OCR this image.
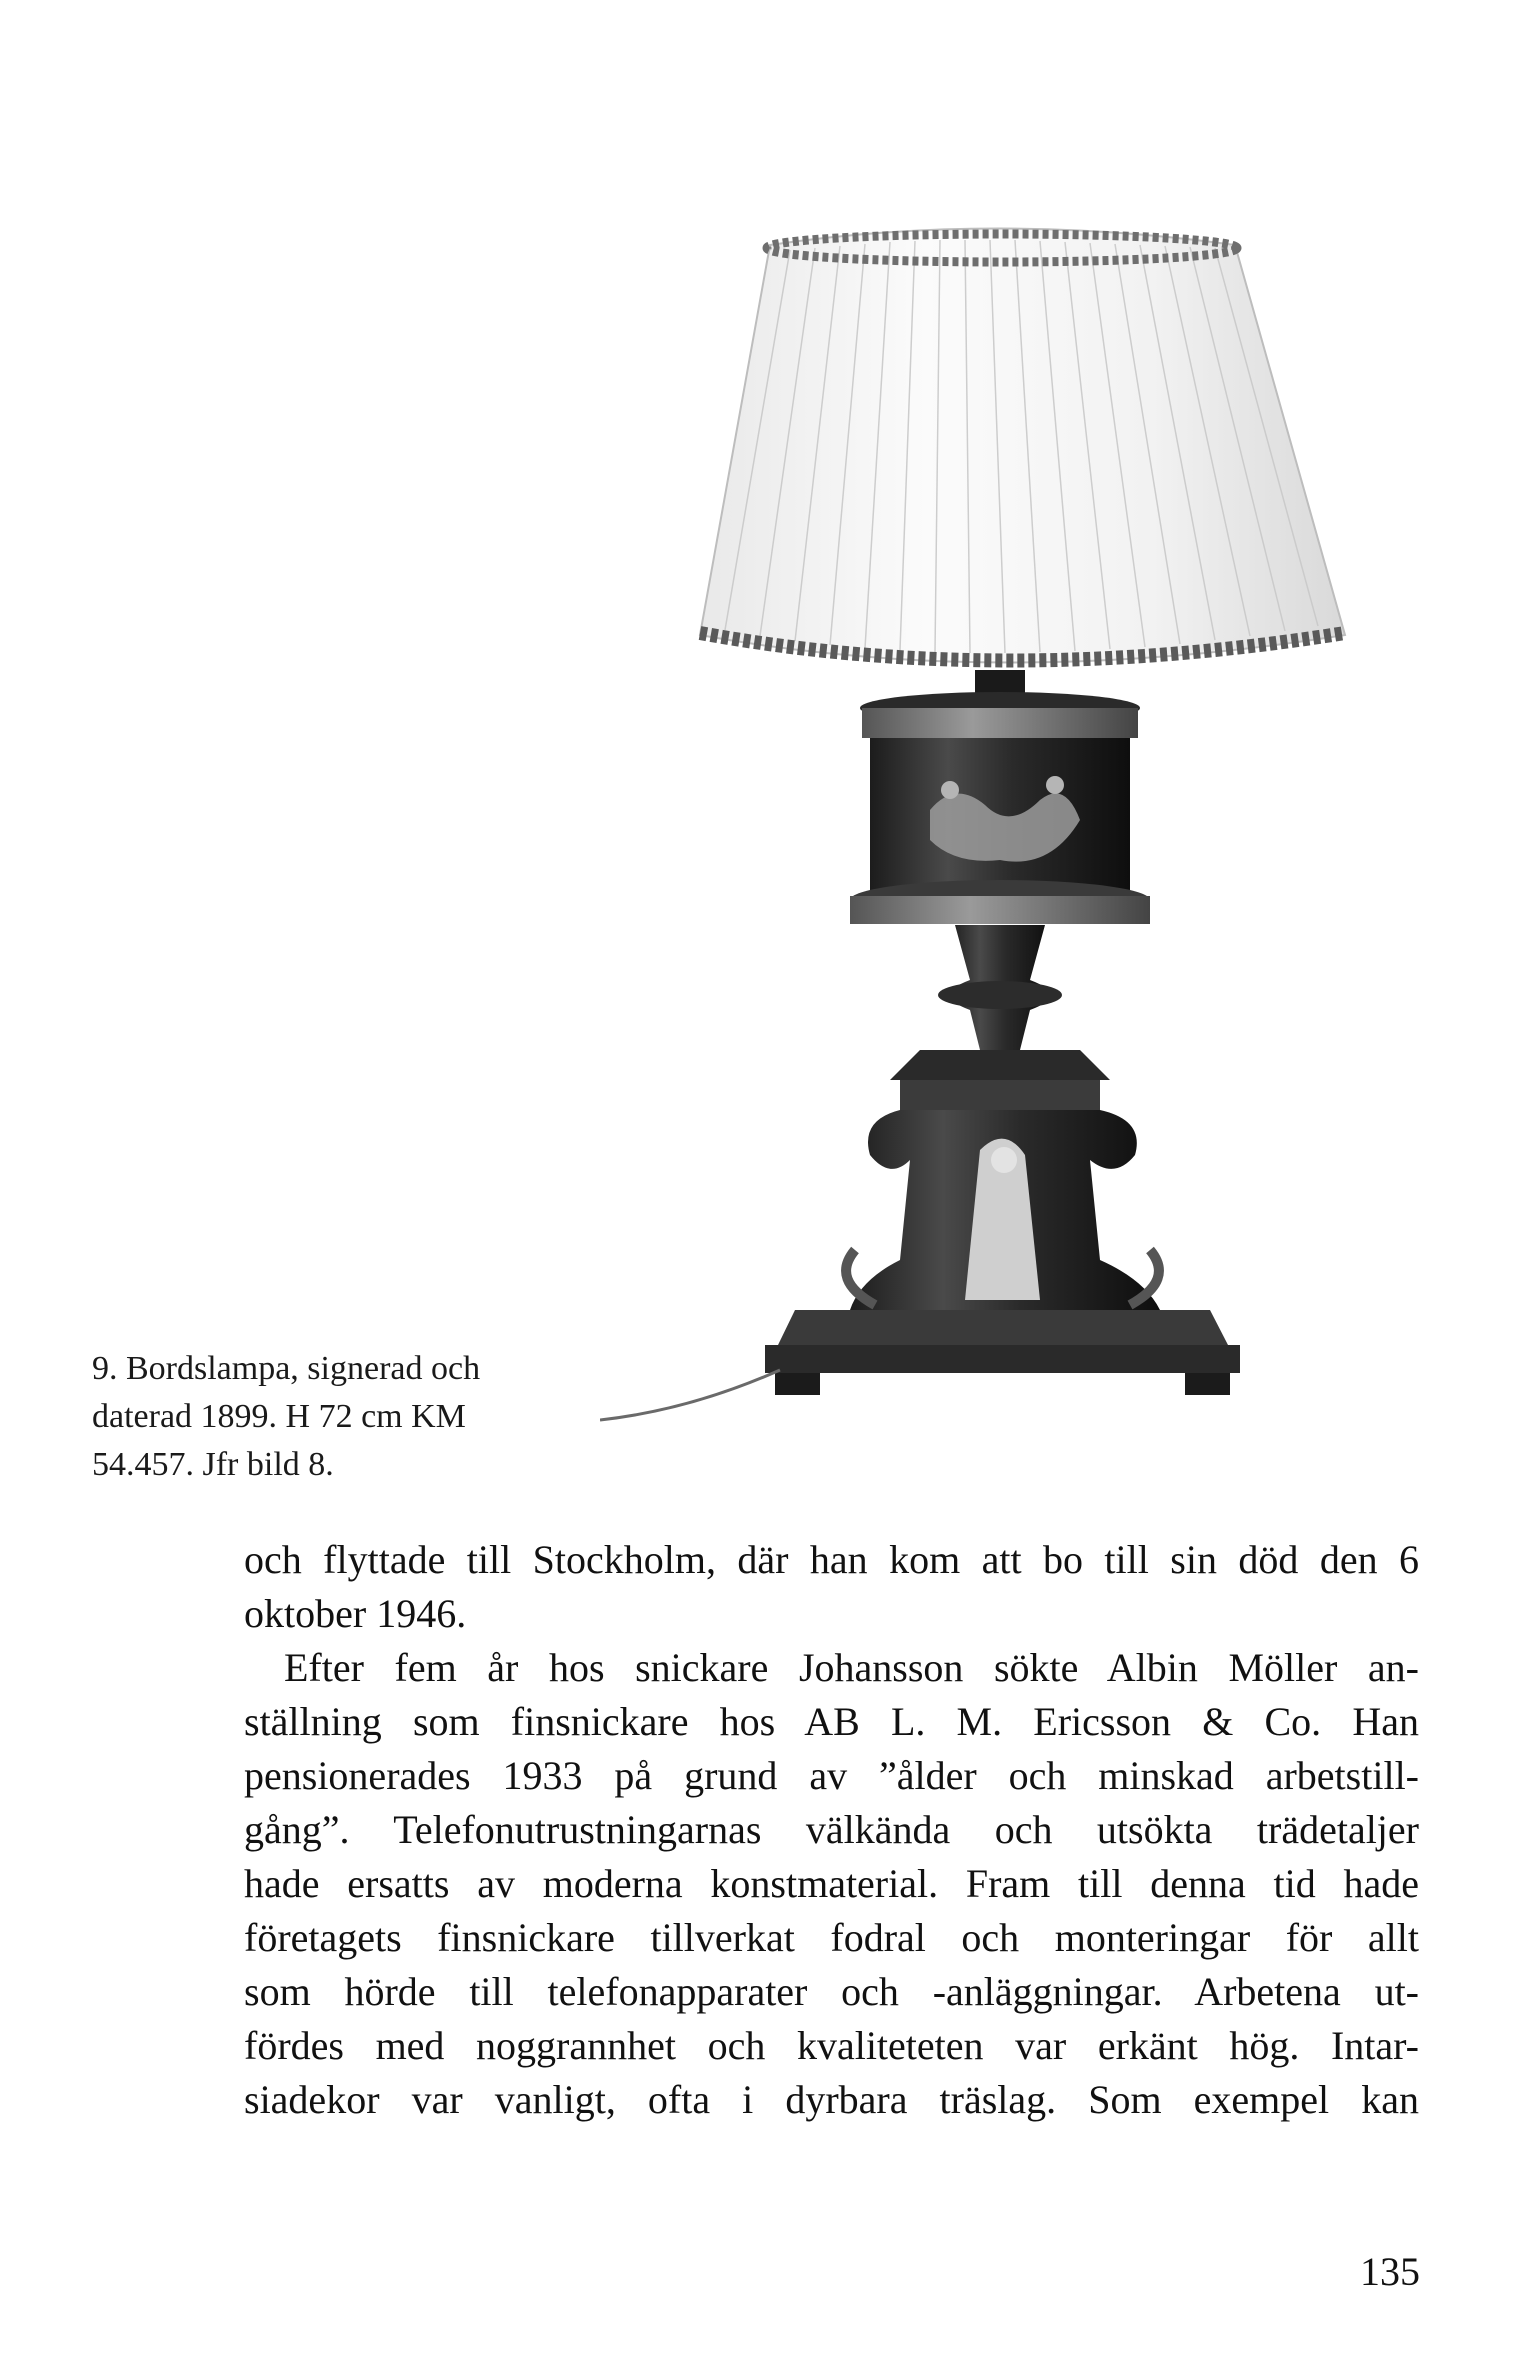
9. Bordslampa, signerad och
daterad 1899. H 72 cm KM
54.457. Jfr bild 8.
och flyttade till Stockholm, där han kom att bo till sin död den 6
oktober 1946.
Efter fem år hos snickare Johansson sökte Albin Möller an-
ställning som finsnickare hos AB L. M. Ericsson & Co. Han
pensionerades 1933 på grund av ”ålder och minskad arbetstill-
gång”. Telefonutrustningarnas välkända och utsökta trädetaljer
hade ersatts av moderna konstmaterial. Fram till denna tid hade
företagets finsnickare tillverkat fodral och monteringar för allt
som hörde till telefonapparater och -anläggningar. Arbetena ut-
fördes med noggrannhet och kvaliteteten var erkänt hög. Intar-
siadekor var vanligt, ofta i dyrbara träslag. Som exempel kan
135
